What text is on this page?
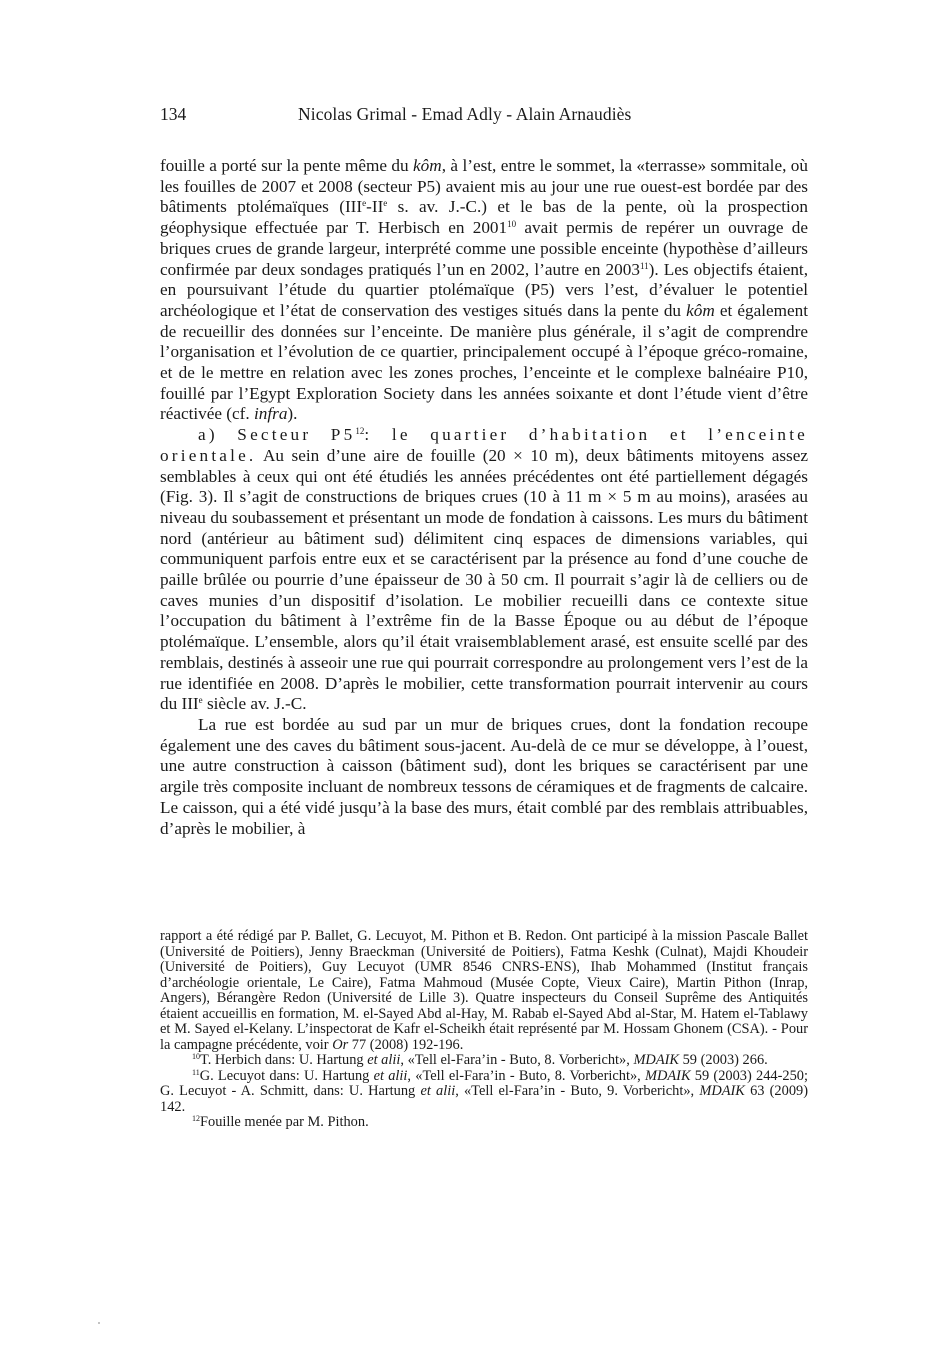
134	Nicolas Grimal - Emad Adly - Alain Arnaudiès

fouille a porté sur la pente même du kôm, à l’est, entre le sommet, la «terrasse» sommitale, où les fouilles de 2007 et 2008 (secteur P5) avaient mis au jour une rue ouest-est bordée par des bâtiments ptolémaïques (IIIe-IIe s. av. J.-C.) et le bas de la pente, où la prospection géophysique effectuée par T. Herbisch en 2001$^{10}$ avait permis de repérer un ouvrage de briques crues de grande largeur, interprété comme une possible enceinte (hypothèse d’ailleurs confirmée par deux sondages pratiqués l’un en 2002, l’autre en 2003$^{11}$). Les objectifs étaient, en poursuivant l’étude du quartier ptolémaïque (P5) vers l’est, d’évaluer le potentiel archéologique et l’état de conservation des vestiges situés dans la pente du kôm et également de recueillir des données sur l’enceinte. De manière plus générale, il s’agit de comprendre l’organisation et l’évolution de ce quartier, principalement occupé à l’époque gréco-romaine, et de le mettre en relation avec les zones proches, l’enceinte et le complexe balnéaire P10, fouillé par l’Egypt Exploration Society dans les années soixante et dont l’étude vient d’être réactivée (cf. infra).

a) Secteur $P5^{12}$: le quartier d’habitation et l’enceinte orientale. Au sein d’une aire de fouille (20 × 10 m), deux bâtiments mitoyens assez semblables à ceux qui ont été étudiés les années précédentes ont été partiellement dégagés (Fig. 3). Il s’agit de constructions de briques crues (10 à 11 m × 5 m au moins), arasées au niveau du soubassement et présentant un mode de fondation à caissons. Les murs du bâtiment nord (antérieur au bâtiment sud) délimitent cinq espaces de dimensions variables, qui communiquent parfois entre eux et se caractérisent par la présence au fond d’une couche de paille brûlée ou pourrie d’une épaisseur de 30 à 50 cm. Il pourrait s’agir là de celliers ou de caves munies d’un dispositif d’isolation. Le mobilier recueilli dans ce contexte situe l’occupation du bâtiment à l’extrême fin de la Basse Époque ou au début de l’époque ptolémaïque. L’ensemble, alors qu’il était vraisemblablement arasé, est ensuite scellé par des remblais, destinés à asseoir une rue qui pourrait correspondre au prolongement vers l’est de la rue identifiée en 2008. D’après le mobilier, cette transformation pourrait intervenir au cours du IIIe siècle av. J.-C.

La rue est bordée au sud par un mur de briques crues, dont la fondation recoupe également une des caves du bâtiment sous-jacent. Au-delà de ce mur se développe, à l’ouest, une autre construction à caisson (bâtiment sud), dont les briques se caractérisent par une argile très composite incluant de nombreux tessons de céramiques et de fragments de calcaire. Le caisson, qui a été vidé jusqu’à la base des murs, était comblé par des remblais attribuables, d’après le mobilier, à

rapport a été rédigé par P. Ballet, G. Lecuyot, M. Pithon et B. Redon. Ont participé à la mission Pascale Ballet (Université de Poitiers), Jenny Braeckman (Université de Poitiers), Fatma Keshk (Culnat), Majdi Khoudeir (Université de Poitiers), Guy Lecuyot (UMR 8546 CNRS-ENS), Ihab Mohammed (Institut français d’archéologie orientale, Le Caire), Fatma Mahmoud (Musée Copte, Vieux Caire), Martin Pithon (Inrap, Angers), Bérangère Redon (Université de Lille 3). Quatre inspecteurs du Conseil Suprême des Antiquités étaient accueillis en formation, M. el-Sayed Abd al-Hay, M. Rabab el-Sayed Abd al-Star, M. Hatem el-Tablawy et M. Sayed el-Kelany. L’inspectorat de Kafr el-Scheikh était représenté par M. Hossam Ghonem (CSA). - Pour la campagne précédente, voir Or 77 (2008) 192-196.

$^{10}$T. Herbich dans: U. Hartung et alii, «Tell el-Fara’in - Buto, 8. Vorbericht», MDAIK 59 (2003) 266.

$^{11}$G. Lecuyot dans: U. Hartung et alii, «Tell el-Fara’in - Buto, 8. Vorbericht», MDAIK 59 (2003) 244-250; G. Lecuyot - A. Schmitt, dans: U. Hartung et alii, «Tell el-Fara’in - Buto, 9. Vorbericht», MDAIK 63 (2009) 142.

$^{12}$Fouille menée par M. Pithon.
